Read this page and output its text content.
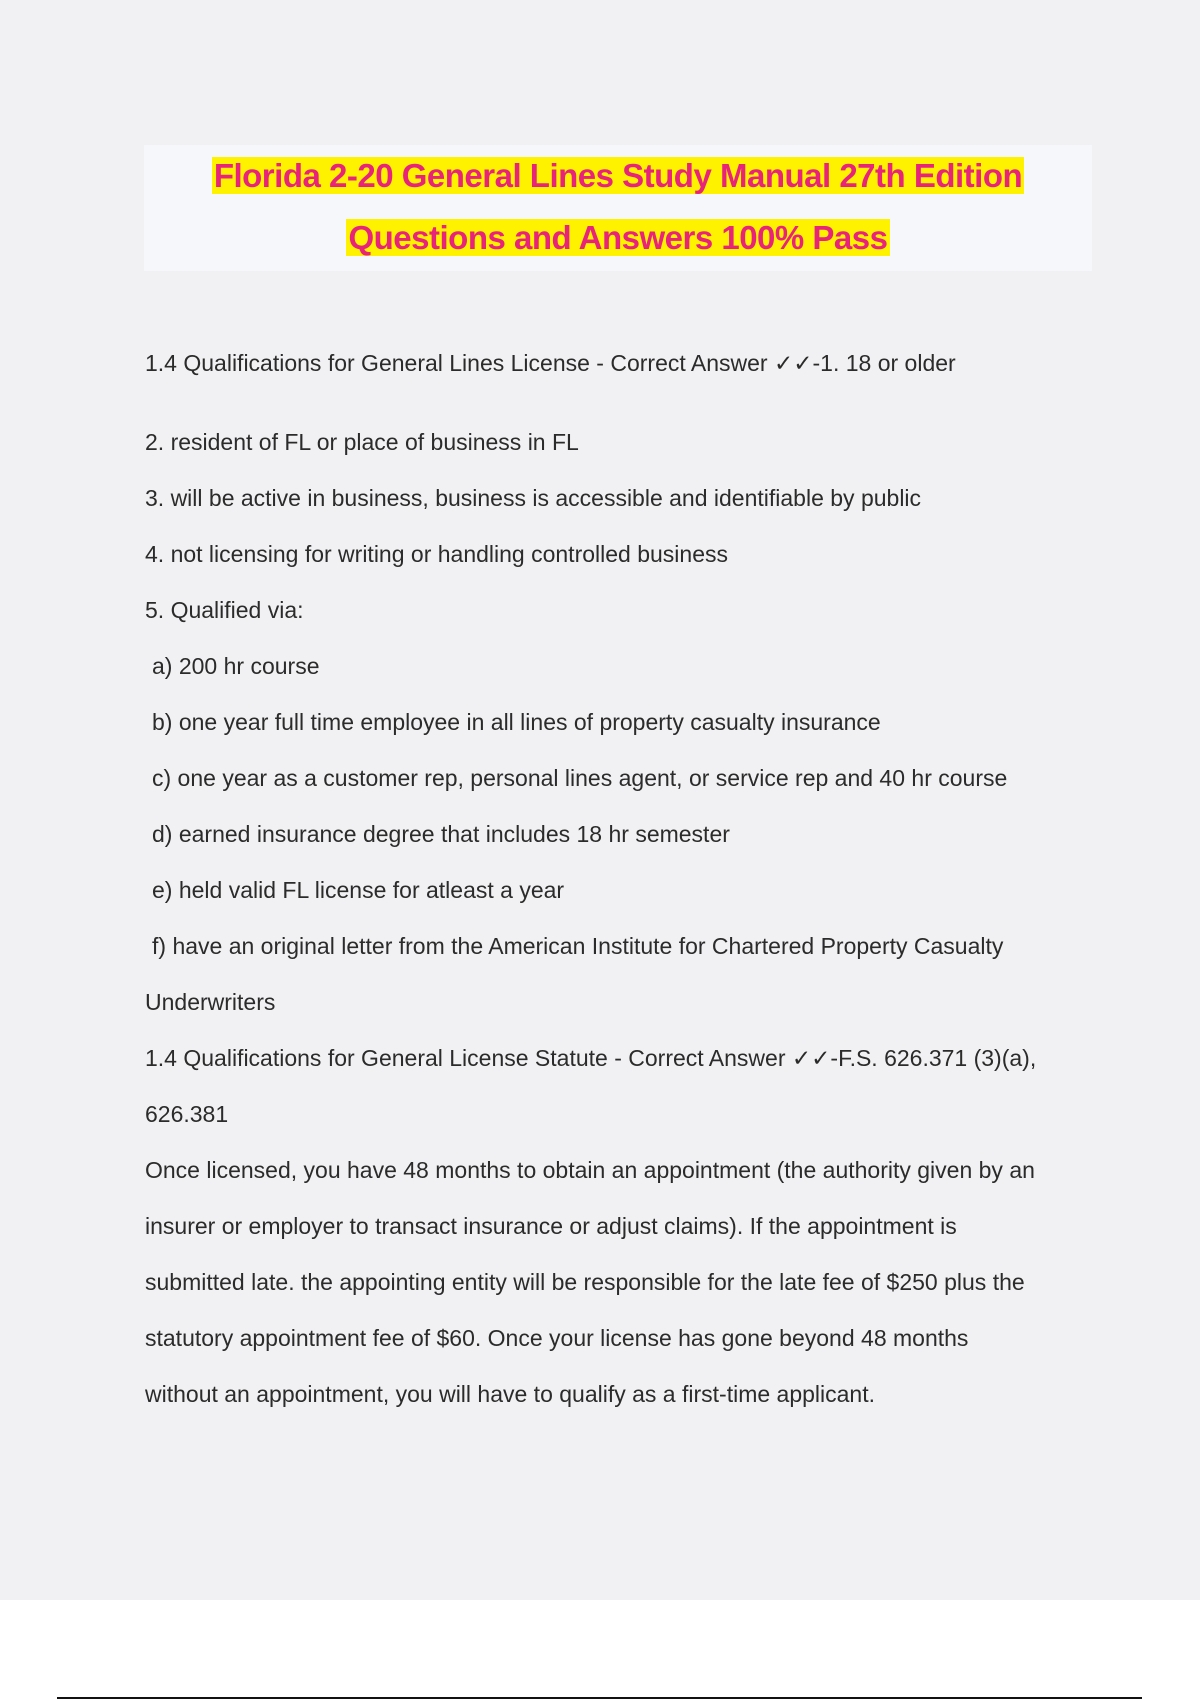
Florida 2-20 General Lines Study Manual 27th Edition
Questions and Answers 100% Pass
1.4 Qualifications for General Lines License - Correct Answer ✓✓-1. 18 or older
2. resident of FL or place of business in FL
3. will be active in business, business is accessible and identifiable by public
4. not licensing for writing or handling controlled business
5. Qualified via:
a) 200 hr course
b) one year full time employee in all lines of property casualty insurance
c) one year as a customer rep, personal lines agent, or service rep and 40 hr course
d) earned insurance degree that includes 18 hr semester
e) held valid FL license for atleast a year
f) have an original letter from the American Institute for Chartered Property Casualty
Underwriters
1.4 Qualifications for General License Statute - Correct Answer ✓✓-F.S. 626.371 (3)(a),
626.381
Once licensed, you have 48 months to obtain an appointment (the authority given by an
insurer or employer to transact insurance or adjust claims). If the appointment is
submitted late. the appointing entity will be responsible for the late fee of $250 plus the
statutory appointment fee of $60. Once your license has gone beyond 48 months
without an appointment, you will have to qualify as a first-time applicant.
